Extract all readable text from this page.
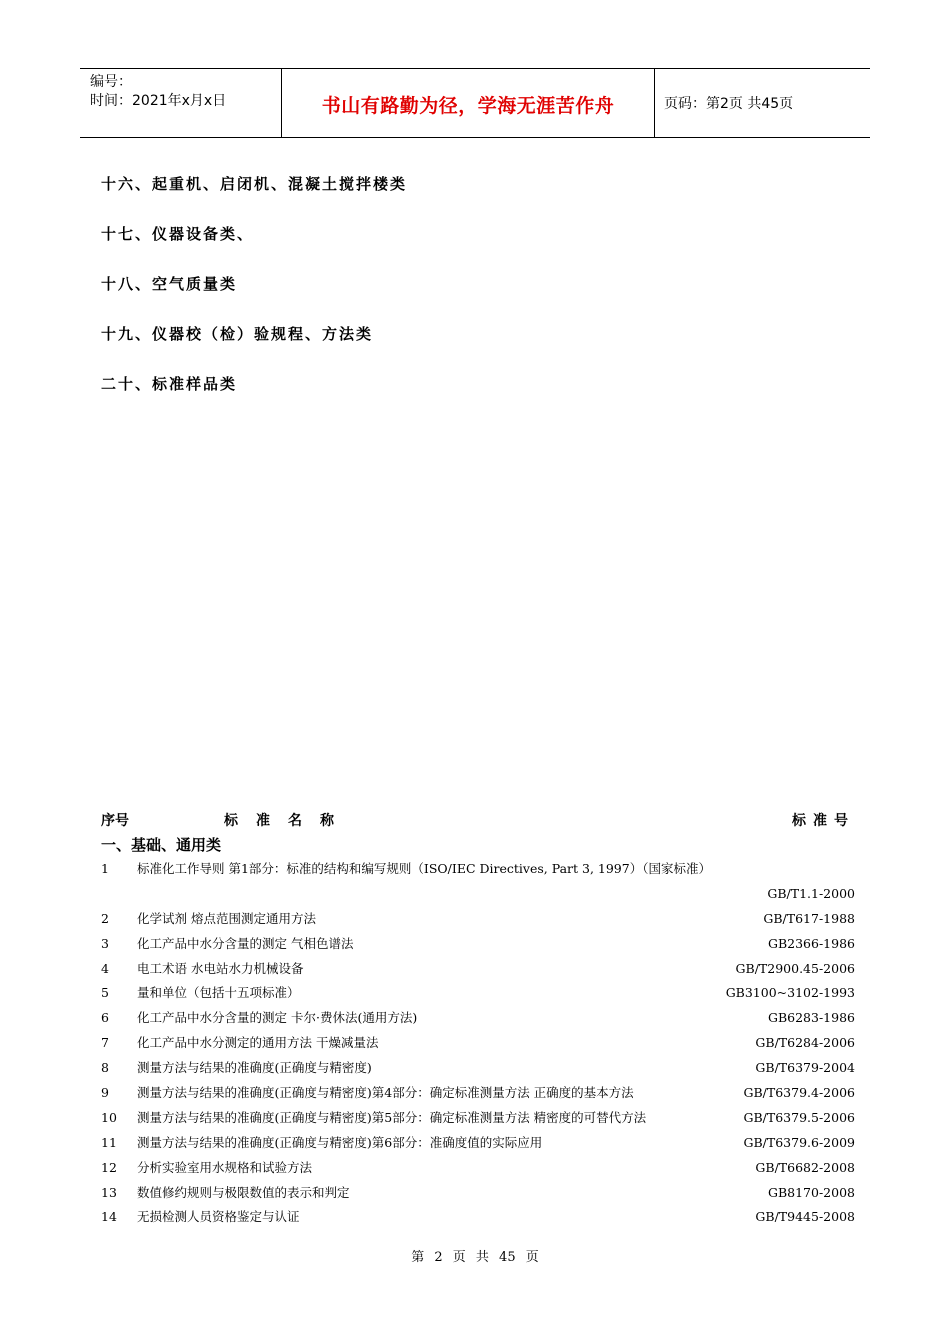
编号：
时间：2021年x月x日	书山有路勤为径，学海无涯苦作舟	页码：第2页 共45页
十六、起重机、启闭机、混凝土搅拌楼类
十七、仪器设备类、
十八、空气质量类
十九、仪器校（检）验规程、方法类
二十、标准样品类
序号	标准名称	标准号
一、基础、通用类
1 标准化工作导则 第1部分：标准的结构和编写规则（ISO/IEC Directives, Part 3, 1997）（国家标准）
GB/T1.1-2000
2 化学试剂 熔点范围测定通用方法	GB/T617-1988
3 化工产品中水分含量的测定 气相色谱法	GB2366-1986
4 电工术语 水电站水力机械设备	GB/T2900.45-2006
5 量和单位（包括十五项标准）	GB3100~3102-1993
6 化工产品中水分含量的测定 卡尔·费休法(通用方法)	GB6283-1986
7 化工产品中水分测定的通用方法 干燥减量法	GB/T6284-2006
8 测量方法与结果的准确度(正确度与精密度)	GB/T6379-2004
9 测量方法与结果的准确度(正确度与精密度)第4部分：确定标准测量方法 正确度的基本方法	GB/T6379.4-2006
10 测量方法与结果的准确度(正确度与精密度)第5部分：确定标准测量方法 精密度的可替代方法	GB/T6379.5-2006
11 测量方法与结果的准确度(正确度与精密度)第6部分：准确度值的实际应用	GB/T6379.6-2009
12 分析实验室用水规格和试验方法	GB/T6682-2008
13 数值修约规则与极限数值的表示和判定	GB8170-2008
14 无损检测人员资格鉴定与认证	GB/T9445-2008
第 2 页 共 45 页
